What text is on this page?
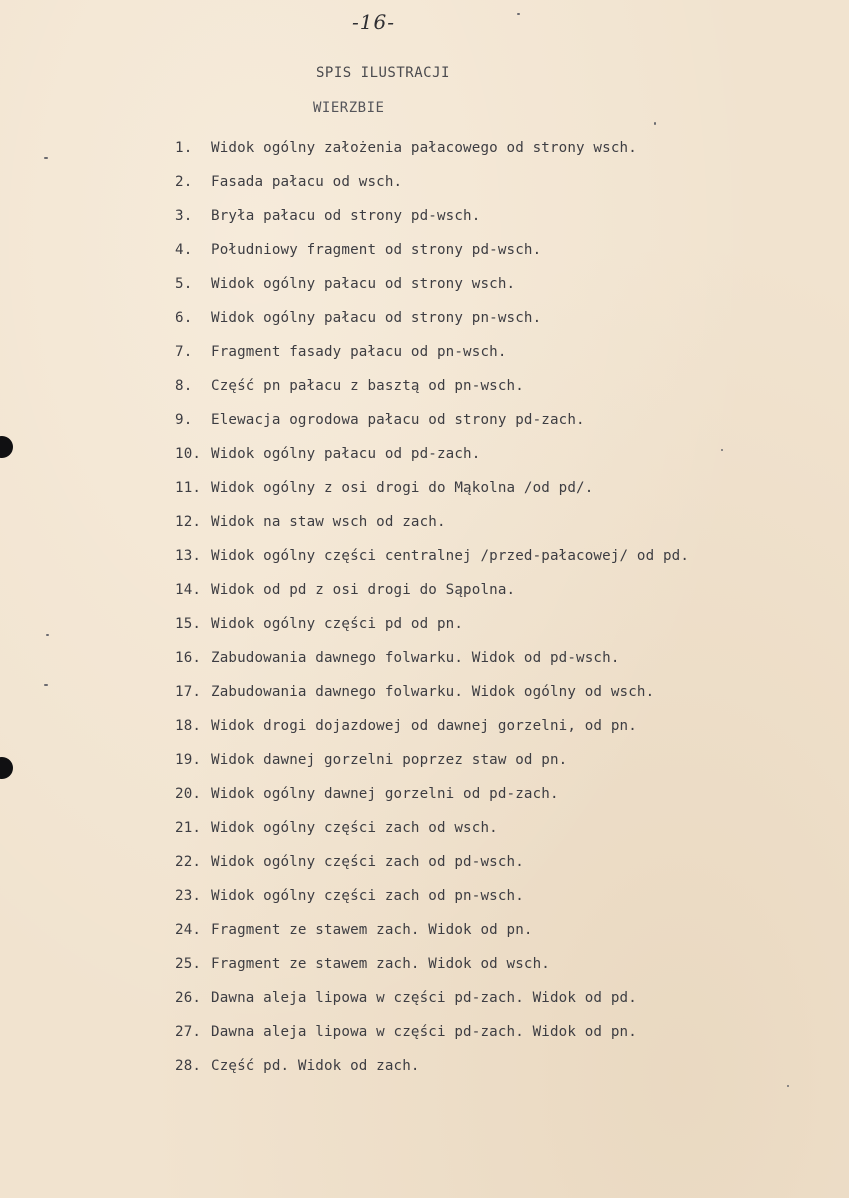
-16-
SPIS ILUSTRACJI
WIERZBIE
1. Widok ogólny założenia pałacowego od strony wsch.
2. Fasada pałacu od wsch.
3. Bryła pałacu od strony pd-wsch.
4. Południowy fragment od strony pd-wsch.
5. Widok ogólny pałacu od strony wsch.
6. Widok ogólny pałacu od strony pn-wsch.
7. Fragment fasady pałacu od pn-wsch.
8. Część pn pałacu z basztą od pn-wsch.
9. Elewacja ogrodowa pałacu od strony pd-zach.
10. Widok ogólny pałacu od pd-zach.
11. Widok ogólny z osi drogi do Mąkolna /od pd/.
12. Widok na staw wsch od zach.
13. Widok ogólny części centralnej /przed-pałacowej/ od pd.
14. Widok od pd z osi drogi do Sąpolna.
15. Widok ogólny części pd od pn.
16. Zabudowania dawnego folwarku. Widok od pd-wsch.
17. Zabudowania dawnego folwarku. Widok ogólny od wsch.
18. Widok drogi dojazdowej od dawnej gorzelni, od pn.
19. Widok dawnej gorzelni poprzez staw od pn.
20. Widok ogólny dawnej gorzelni od pd-zach.
21. Widok ogólny części zach od wsch.
22. Widok ogólny części zach od pd-wsch.
23. Widok ogólny części zach od pn-wsch.
24. Fragment ze stawem zach. Widok od pn.
25. Fragment ze stawem zach. Widok od wsch.
26. Dawna aleja lipowa w części pd-zach. Widok od pd.
27. Dawna aleja lipowa w części pd-zach. Widok od pn.
28. Część pd. Widok od zach.
